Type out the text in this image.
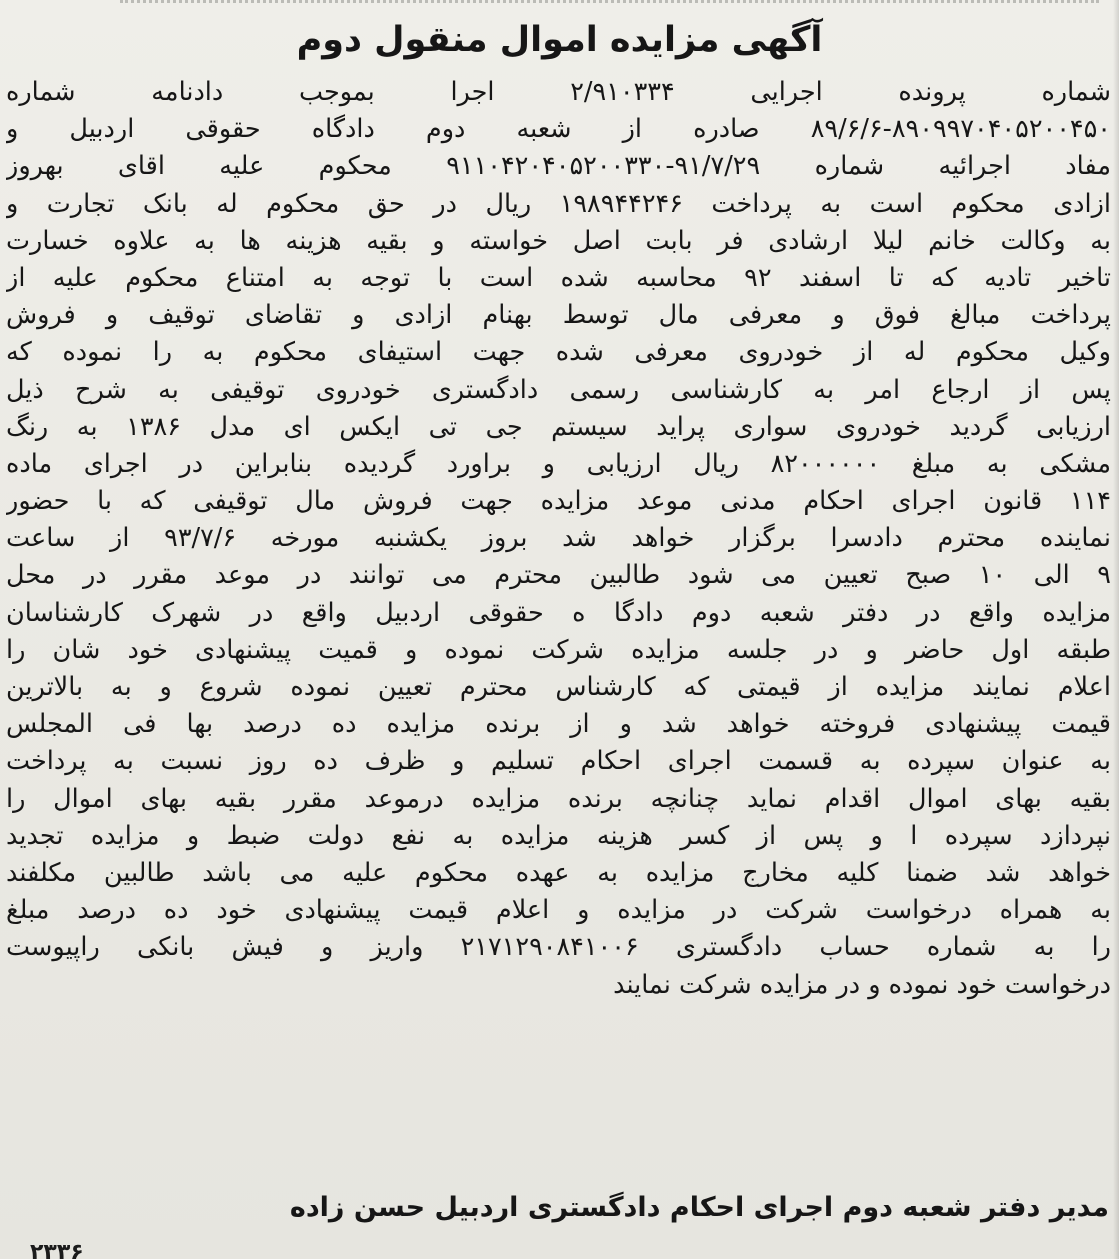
آگهی مزایده اموال منقول دوم
شماره پرونده اجرایی ۲/۹۱۰۳۳۴ اجرا بموجب دادنامه شماره
۸۹/۶/۶-۸۹۰۹۹۷۰۴۰۵۲۰۰۴۵۰ صادره از شعبه دوم دادگاه حقوقی اردبیل و
مفاد اجرائیه شماره ۹۱/۷/۲۹-۹۱۱۰۴۲۰۴۰۵۲۰۰۳۳۰ محکوم علیه اقای بهروز
ازادی محکوم است به پرداخت ۱۹۸۹۴۴۲۴۶ ریال در حق محکوم له بانک تجارت و
به وکالت خانم لیلا ارشادی فر بابت اصل خواسته و بقیه هزینه ها به علاوه خسارت
تاخیر تادیه که تا اسفند ۹۲ محاسبه شده است با توجه به امتناع محکوم علیه از
پرداخت مبالغ فوق و معرفی مال توسط بهنام ازادی و تقاضای توقیف و فروش
وکیل محکوم له از خودروی معرفی شده جهت استیفای محکوم به را نموده که
پس از ارجاع امر به کارشناسی رسمی دادگستری خودروی توقیفی به شرح ذیل
ارزیابی گردید خودروی سواری پراید سیستم جی تی ایکس ای مدل ۱۳۸۶ به رنگ
مشکی به مبلغ ۸۲۰۰۰۰۰۰ ریال ارزیابی و براورد گردیده بنابراین در اجرای ماده
۱۱۴ قانون اجرای احکام مدنی موعد مزایده جهت فروش مال توقیفی که با حضور
نماینده محترم دادسرا برگزار خواهد شد بروز یکشنبه مورخه ۹۳/۷/۶ از ساعت
۹ الی ۱۰ صبح تعیین می شود طالبین محترم می توانند در موعد مقرر در محل
مزایده واقع در دفتر شعبه دوم دادگا ه حقوقی اردبیل واقع در شهرک کارشناسان
طبقه اول حاضر و در جلسه مزایده شرکت نموده و قمیت پیشنهادی خود شان را
اعلام نمایند مزایده از قیمتی که کارشناس محترم تعیین نموده شروع و به بالاترین
قیمت پیشنهادی فروخته خواهد شد و از برنده مزایده ده درصد بها فی المجلس
به عنوان سپرده به قسمت اجرای احکام تسلیم و ظرف ده روز نسبت به پرداخت
بقیه بهای اموال اقدام نماید چنانچه برنده مزایده درموعد مقرر بقیه بهای اموال را
نپردازد سپرده ا و پس از کسر هزینه مزایده به نفع دولت ضبط و مزایده تجدید
خواهد شد ضمنا کلیه مخارج مزایده به عهده محکوم علیه می باشد طالبین مکلفند
به همراه درخواست شرکت در مزایده و اعلام قیمت پیشنهادی خود ده درصد مبلغ
را به شماره حساب دادگستری ۲۱۷۱۲۹۰۸۴۱۰۰۶ واریز و فیش بانکی راپیوست
درخواست خود نموده و در مزایده شرکت نمایند
مدیر دفتر شعبه دوم اجرای احکام دادگستری اردبیل حسن زاده
۲۳۳۶
